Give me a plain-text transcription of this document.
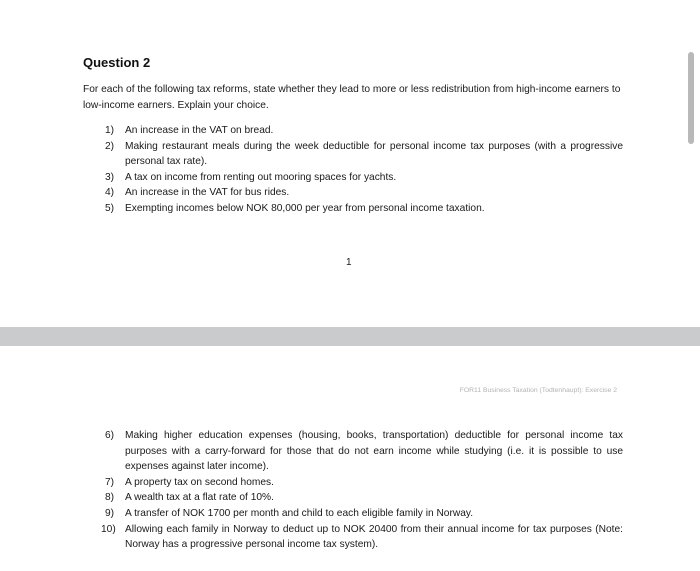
Question 2

For each of the following tax reforms, state whether they lead to more or less redistribution from high-income earners to low-income earners. Explain your choice.

1)	An increase in the VAT on bread.
2)	Making restaurant meals during the week deductible for personal income tax purposes (with a progressive personal tax rate).
3)	A tax on income from renting out mooring spaces for yachts.
4)	An increase in the VAT for bus rides.
5)	Exempting incomes below NOK 80,000 per year from personal income taxation.

1

FOR11 Business Taxation (Todtenhaupt): Exercise 2

6)	Making higher education expenses (housing, books, transportation) deductible for personal income tax purposes with a carry-forward for those that do not earn income while studying (i.e. it is possible to use expenses against later income).
7)	A property tax on second homes.
8)	A wealth tax at a flat rate of 10%.
9)	A transfer of NOK 1700 per month and child to each eligible family in Norway.
10) Allowing each family in Norway to deduct up to NOK 20400 from their annual income for tax purposes (Note: Norway has a progressive personal income tax system).
